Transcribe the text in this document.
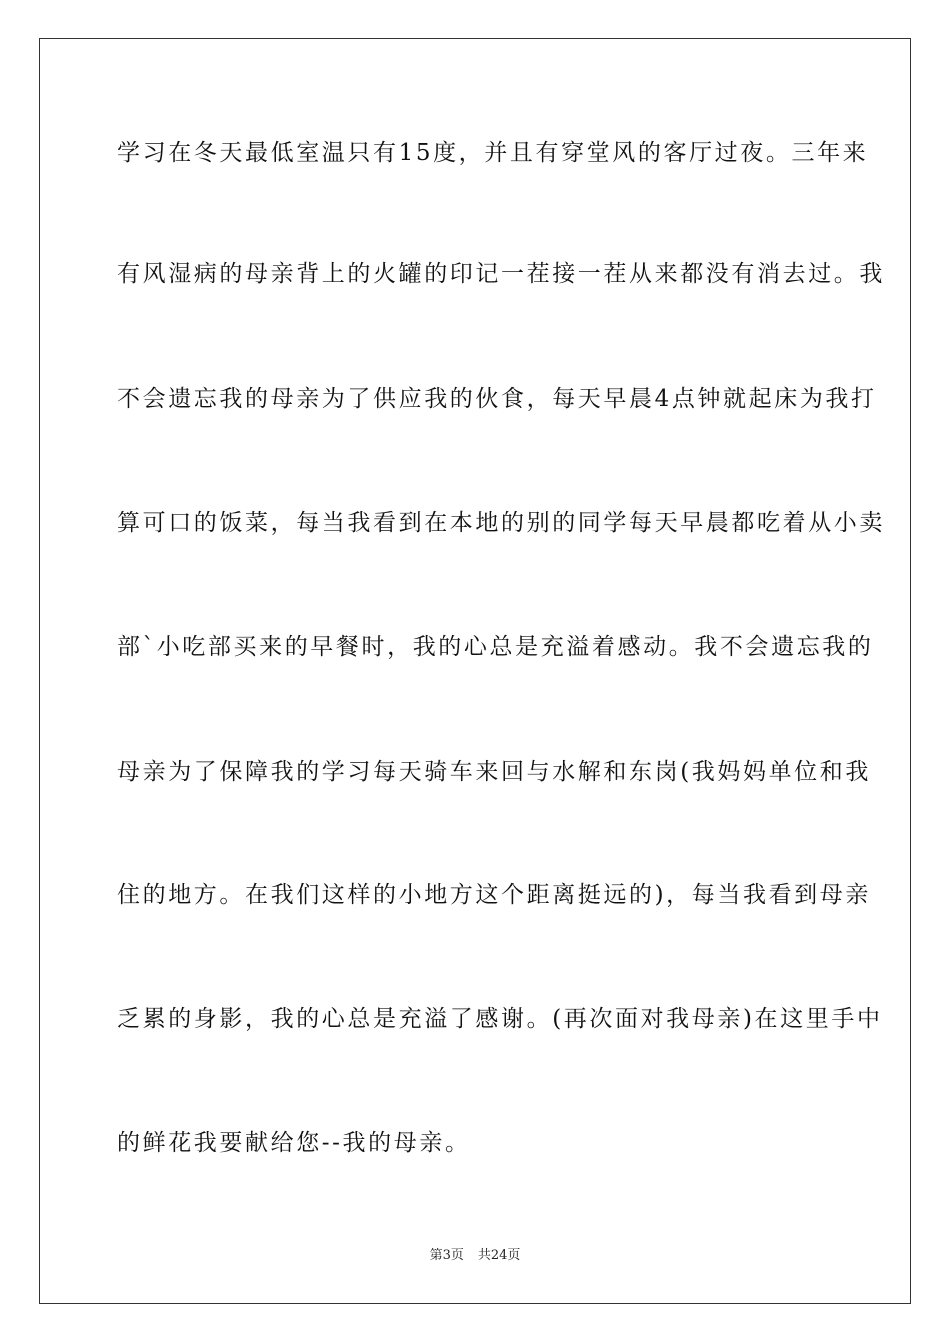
学习在冬天最低室温只有15度，并且有穿堂风的客厅过夜。三年来
有风湿病的母亲背上的火罐的印记一茬接一茬从来都没有消去过。我
不会遗忘我的母亲为了供应我的伙食，每天早晨4点钟就起床为我打
算可口的饭菜，每当我看到在本地的别的同学每天早晨都吃着从小卖
部`小吃部买来的早餐时，我的心总是充溢着感动。我不会遗忘我的
母亲为了保障我的学习每天骑车来回与水解和东岗(我妈妈单位和我
住的地方。在我们这样的小地方这个距离挺远的)，每当我看到母亲
乏累的身影，我的心总是充溢了感谢。(再次面对我母亲)在这里手中
的鲜花我要献给您--我的母亲。
第3页 共24页
